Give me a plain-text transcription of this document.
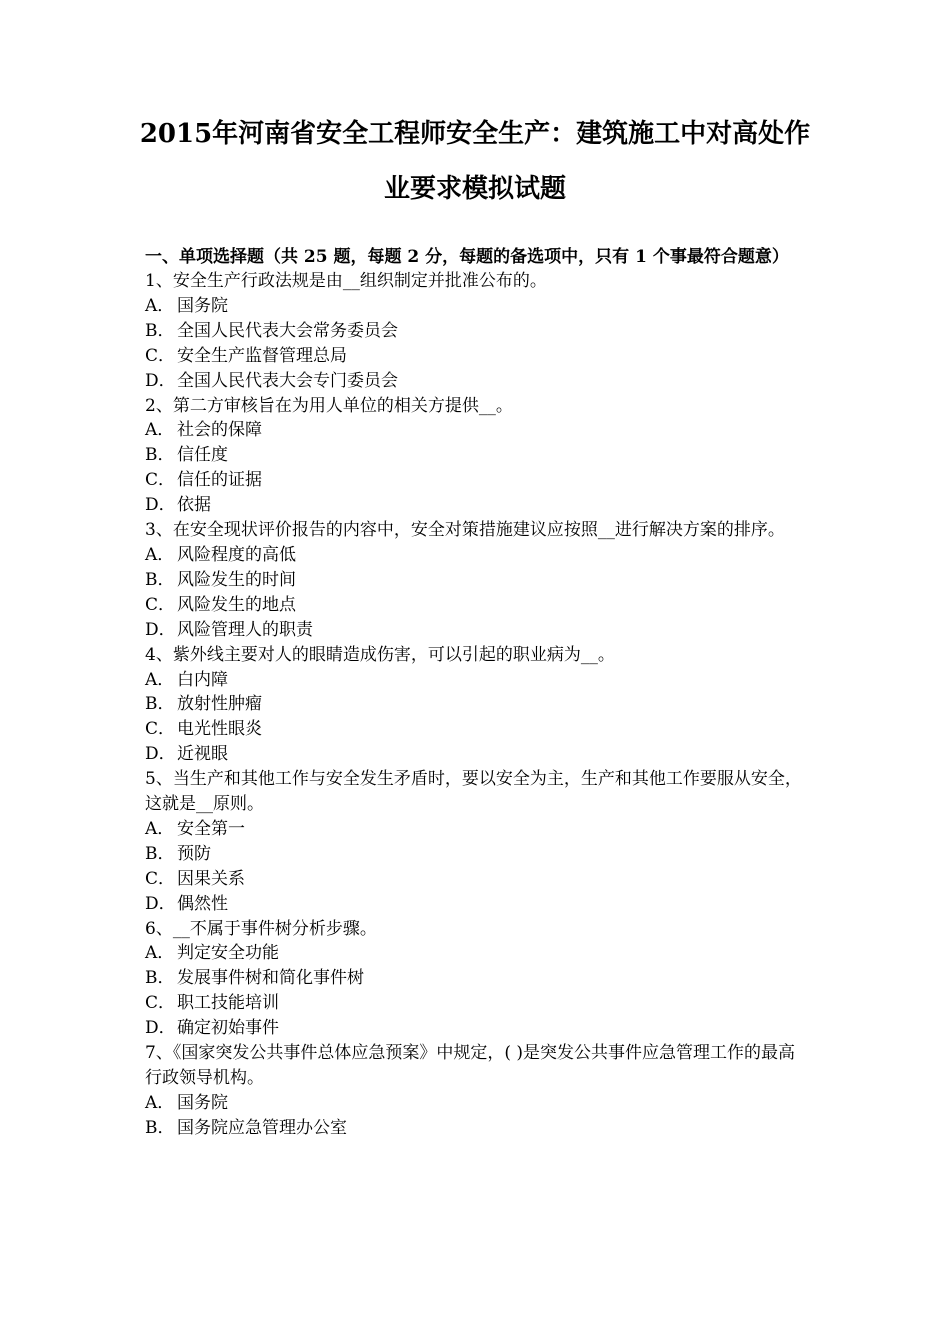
2015年河南省安全工程师安全生产：建筑施工中对高处作
业要求模拟试题

一、单项选择题（共 25 题，每题 2 分，每题的备选项中，只有 1 个事最符合题意）

1、安全生产行政法规是由__组织制定并批准公布的。

A． 国务院

B． 全国人民代表大会常务委员会

C． 安全生产监督管理总局

D．全国人民代表大会专门委员会

2、第二方审核旨在为用人单位的相关方提供__。

A． 社会的保障

B． 信任度

C． 信任的证据

D．依据

3、在安全现状评价报告的内容中，安全对策措施建议应按照__进行解决方案的排序。

A． 风险程度的高低

B． 风险发生的时间

C． 风险发生的地点

D．风险管理人的职责

4、紫外线主要对人的眼睛造成伤害，可以引起的职业病为__。

A． 白内障

B． 放射性肿瘤

C． 电光性眼炎

D．近视眼

5、当生产和其他工作与安全发生矛盾时，要以安全为主，生产和其他工作要服从安全，这就是__原则。

A． 安全第一

B． 预防

C． 因果关系

D．偶然性

6、__不属于事件树分析步骤。

A． 判定安全功能

B． 发展事件树和简化事件树

C． 职工技能培训

D．确定初始事件

7、《国家突发公共事件总体应急预案》中规定，( )是突发公共事件应急管理工作的最高行政领导机构。

A． 国务院

B． 国务院应急管理办公室
